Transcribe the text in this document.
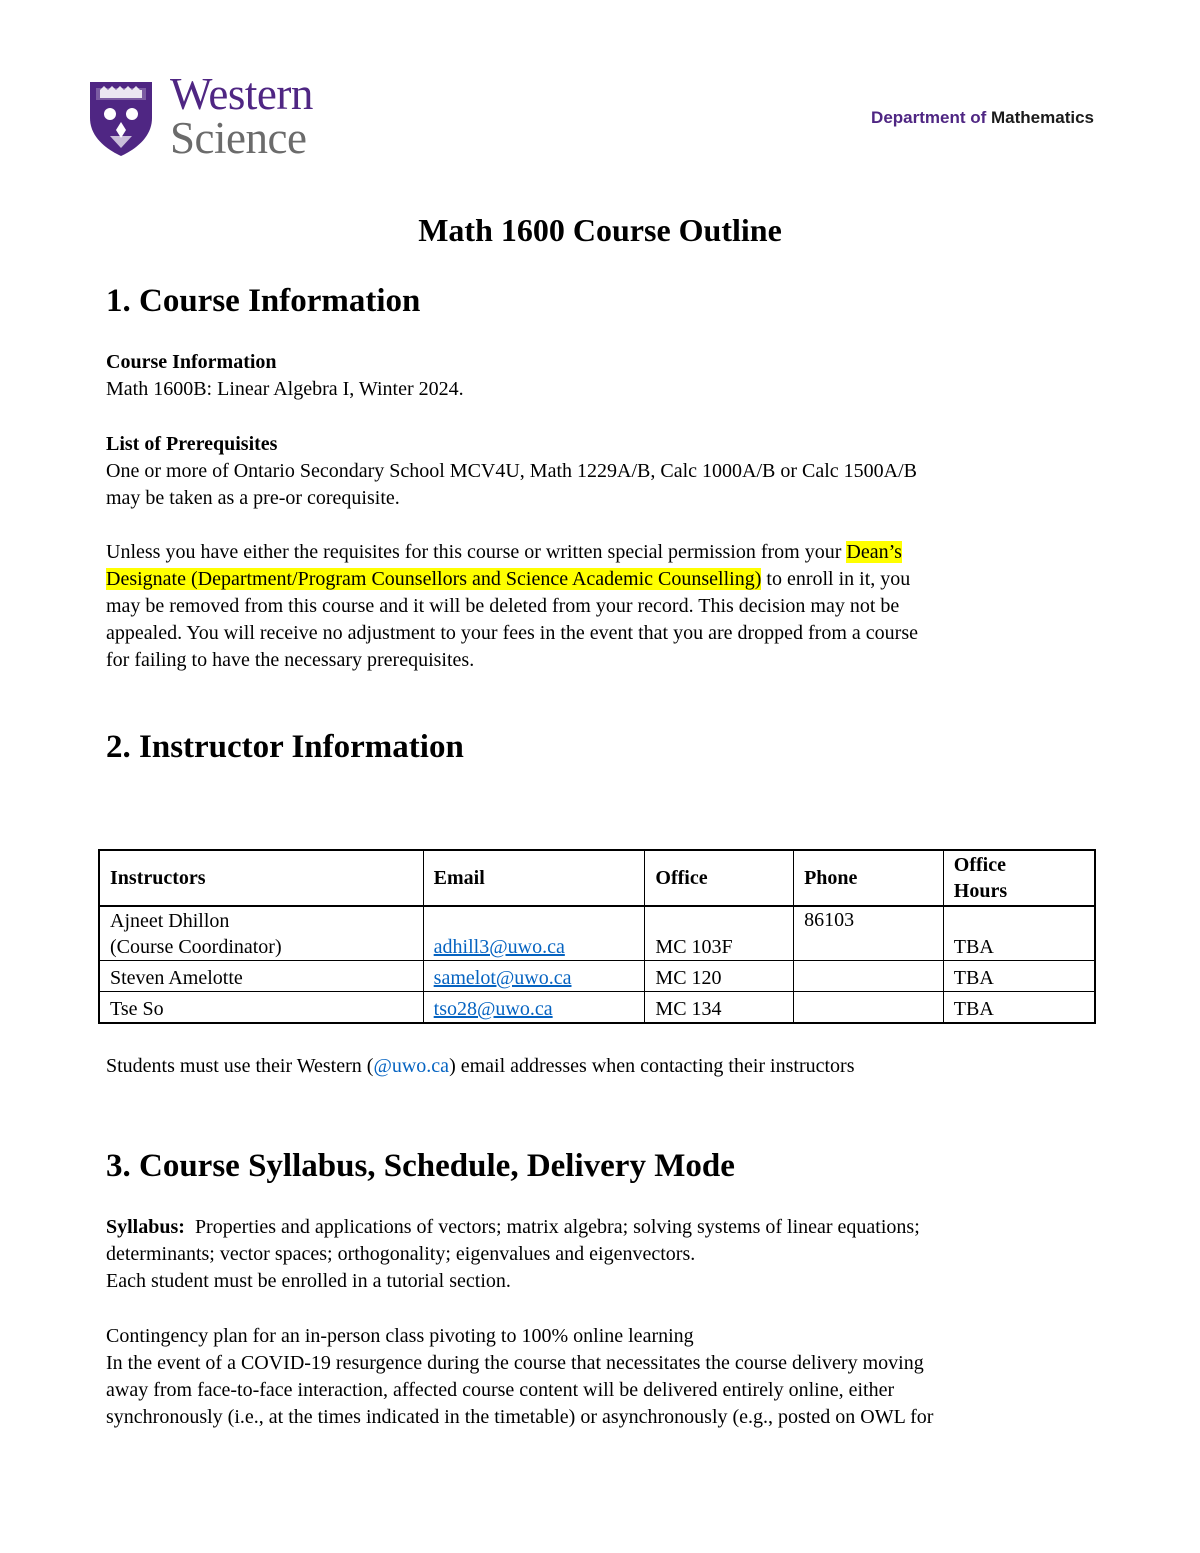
Western
Science	Department of Mathematics
Math 1600 Course Outline
1. Course Information
Course Information
Math 1600B: Linear Algebra I, Winter 2024.
List of Prerequisites
One or more of Ontario Secondary School MCV4U, Math 1229A/B, Calc 1000A/B or Calc 1500A/B
may be taken as a pre-or corequisite.
Unless you have either the requisites for this course or written special permission from your Dean’s
Designate (Department/Program Counsellors and Science Academic Counselling) to enroll in it, you
may be removed from this course and it will be deleted from your record. This decision may not be
appealed. You will receive no adjustment to your fees in the event that you are dropped from a course
for failing to have the necessary prerequisites.
2. Instructor Information
Instructors	Email	Office	Phone	Office
Hours

Ajneet Dhillon
(Course Coordinator)	adhill3@uwo.ca	MC 103F	86103	TBA
Steven Amelotte	samelot@uwo.ca	MC 120		TBA
Tse So	tso28@uwo.ca	MC 134		TBA
Students must use their Western (@uwo.ca) email addresses when contacting their instructors
3. Course Syllabus, Schedule, Delivery Mode
Syllabus:  Properties and applications of vectors; matrix algebra; solving systems of linear equations;
determinants; vector spaces; orthogonality; eigenvalues and eigenvectors.
Each student must be enrolled in a tutorial section.
Contingency plan for an in-person class pivoting to 100% online learning
In the event of a COVID-19 resurgence during the course that necessitates the course delivery moving
away from face-to-face interaction, affected course content will be delivered entirely online, either
synchronously (i.e., at the times indicated in the timetable) or asynchronously (e.g., posted on OWL for
